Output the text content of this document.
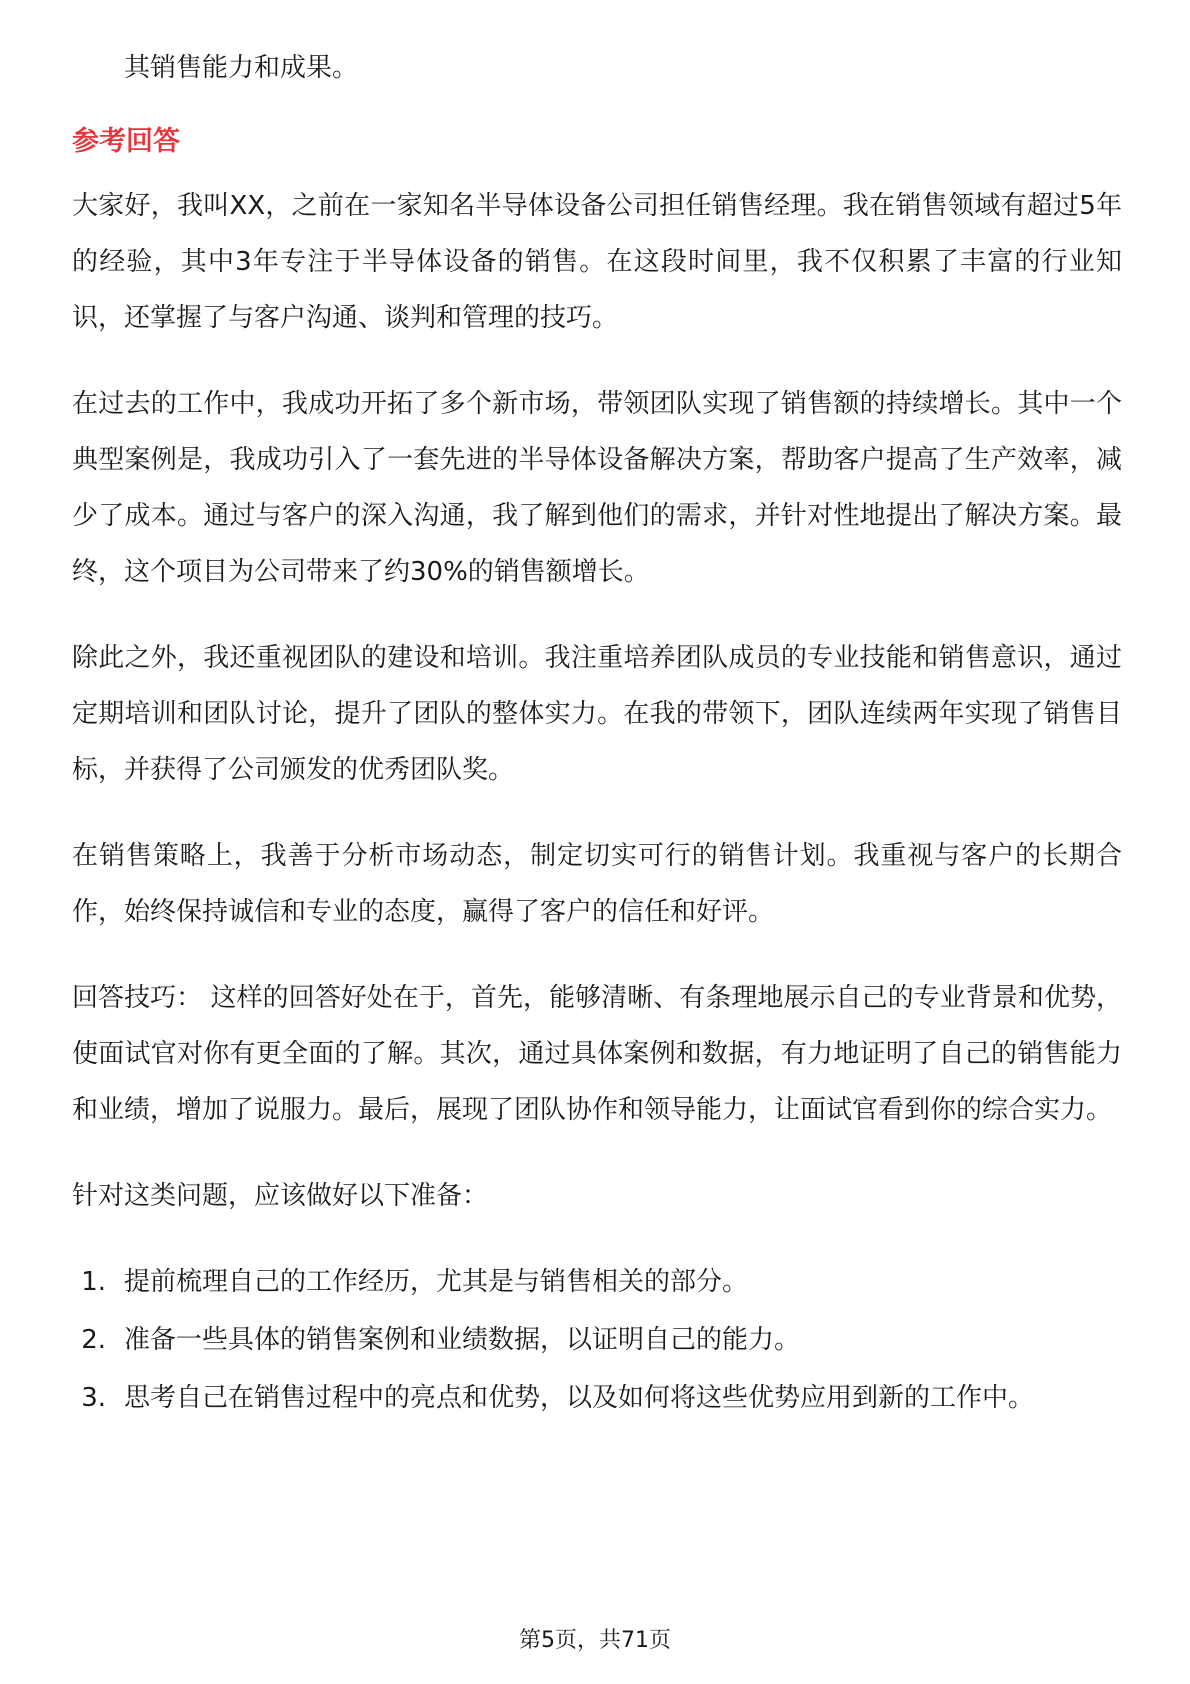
其销售能力和成果。

参考回答

大家好，我叫XX，之前在一家知名半导体设备公司担任销售经理。我在销售领域有超过5年的经验，其中3年专注于半导体设备的销售。在这段时间里，我不仅积累了丰富的行业知识，还掌握了与客户沟通、谈判和管理的技巧。

在过去的工作中，我成功开拓了多个新市场，带领团队实现了销售额的持续增长。其中一个典型案例是，我成功引入了一套先进的半导体设备解决方案，帮助客户提高了生产效率，减少了成本。通过与客户的深入沟通，我了解到他们的需求，并针对性地提出了解决方案。最终，这个项目为公司带来了约30%的销售额增长。

除此之外，我还重视团队的建设和培训。我注重培养团队成员的专业技能和销售意识，通过定期培训和团队讨论，提升了团队的整体实力。在我的带领下，团队连续两年实现了销售目标，并获得了公司颁发的优秀团队奖。

在销售策略上，我善于分析市场动态，制定切实可行的销售计划。我重视与客户的长期合作，始终保持诚信和专业的态度，赢得了客户的信任和好评。

回答技巧： 这样的回答好处在于，首先，能够清晰、有条理地展示自己的专业背景和优势，使面试官对你有更全面的了解。其次，通过具体案例和数据，有力地证明了自己的销售能力和业绩，增加了说服力。最后，展现了团队协作和领导能力，让面试官看到你的综合实力。

针对这类问题，应该做好以下准备：

1. 提前梳理自己的工作经历，尤其是与销售相关的部分。
2. 准备一些具体的销售案例和业绩数据，以证明自己的能力。
3. 思考自己在销售过程中的亮点和优势，以及如何将这些优势应用到新的工作中。
第5页，共71页
